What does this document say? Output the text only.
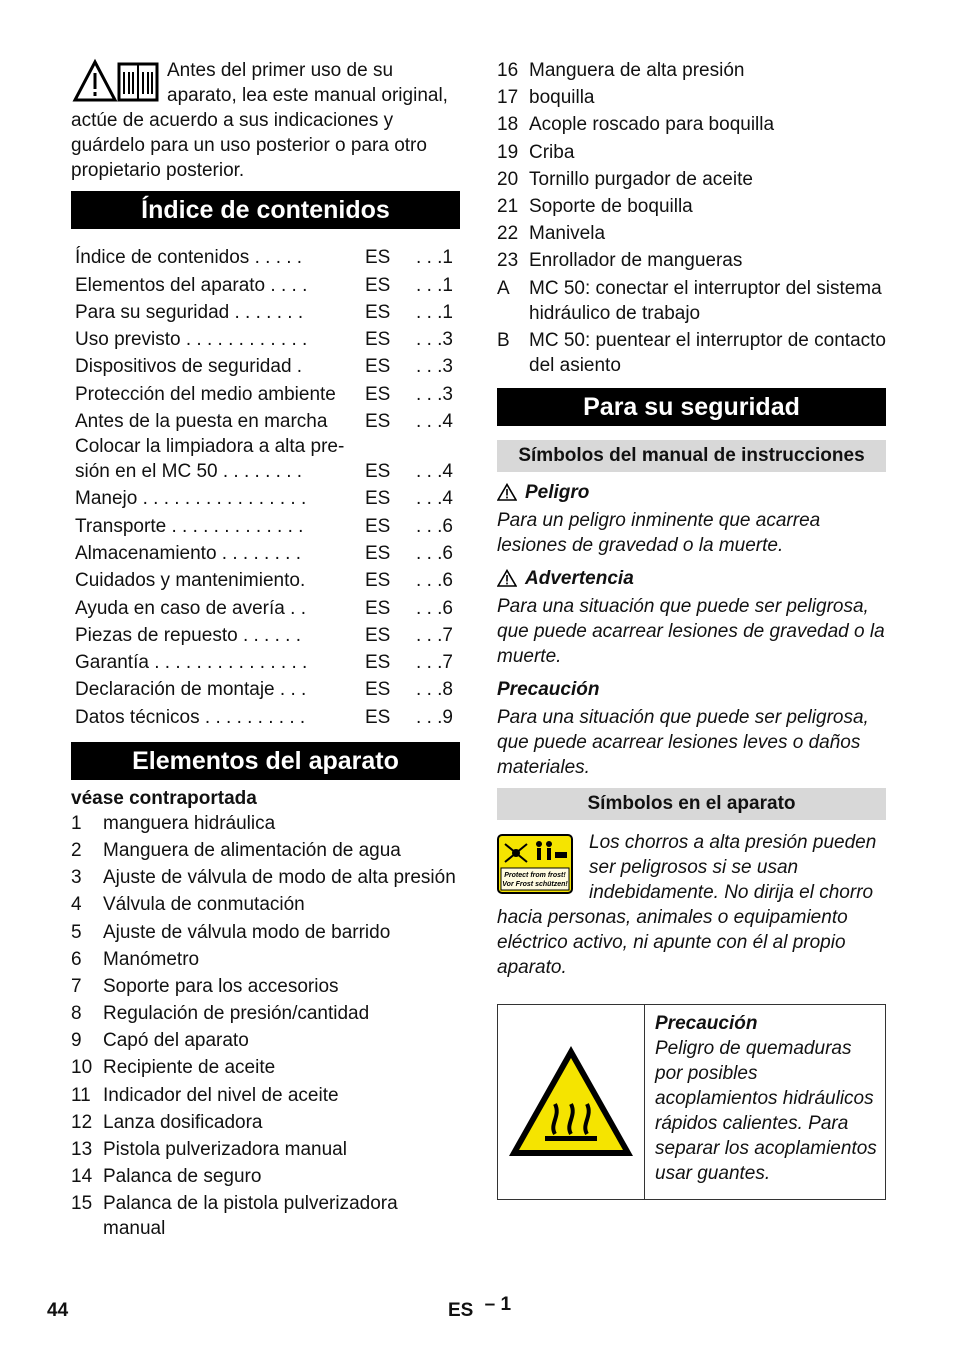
Antes del primer uso de su aparato, lea este manual original, actúe de acuerdo a sus indicaciones y guárdelo para un uso posterior o para otro propietario posterior.

Índice de contenidos
Índice de contenidos . . . . .	ES	. . .1
Elementos del aparato . . . .	ES	. . .1
Para su seguridad . . . . . . .	ES	. . .1
Uso previsto . . . . . . . . . . . .	ES	. . .3
Dispositivos de seguridad .	ES	. . .3
Protección del medio ambiente	ES	. . .3
Antes de la puesta en marcha	ES	. . .4
Colocar la limpiadora a alta pre-
sión en el MC 50 . . . . . . . .	ES	. . .4
Manejo . . . . . . . . . . . . . . . .	ES	. . .4
Transporte . . . . . . . . . . . . .	ES	. . .6
Almacenamiento . . . . . . . .	ES	. . .6
Cuidados y mantenimiento.	ES	. . .6
Ayuda en caso de avería . .	ES	. . .6
Piezas de repuesto . . . . . .	ES	. . .7
Garantía . . . . . . . . . . . . . . .	ES	. . .7
Declaración de montaje . . .	ES	. . .8
Datos técnicos . . . . . . . . . .	ES	. . .9
Elementos del aparato
véase contraportada
1	manguera hidráulica
2	Manguera de alimentación de agua
3	Ajuste de válvula de modo de alta presión
4	Válvula de conmutación
5	Ajuste de válvula modo de barrido
6	Manómetro
7	Soporte para los accesorios
8	Regulación de presión/cantidad
9	Capó del aparato
10 Recipiente de aceite
11 Indicador del nivel de aceite
12 Lanza dosificadora
13 Pistola pulverizadora manual
14 Palanca de seguro
15 Palanca de la pistola pulverizadora manual
16 Manguera de alta presión
17 boquilla
18 Acople roscado para boquilla
19 Criba
20 Tornillo purgador de aceite
21 Soporte de boquilla
22 Manivela
23 Enrollador de mangueras
A	MC 50: conectar el interruptor del sistema hidráulico de trabajo
B	MC 50: puentear el interruptor de contacto del asiento
Para su seguridad
Símbolos del manual de instrucciones
Peligro

Para un peligro inminente que acarrea lesiones de gravedad o la muerte.

Advertencia

Para una situación que puede ser peligrosa, que puede acarrear lesiones de gravedad o la muerte.

Precaución

Para una situación que puede ser peligrosa, que puede acarrear lesiones leves o daños materiales.

Símbolos en el aparato
Protect from frost!
Vor Frost schützen!
Los chorros a alta presión pueden ser peligrosos si se usan indebidamente. No dirija el chorro hacia personas, animales o equipamiento eléctrico activo, ni apunte con él al propio aparato.
Precaución
Peligro de quemaduras por posibles acoplamientos hidráulicos rápidos calientes. Para separar los acoplamientos usar guantes.
44	ES – 1
